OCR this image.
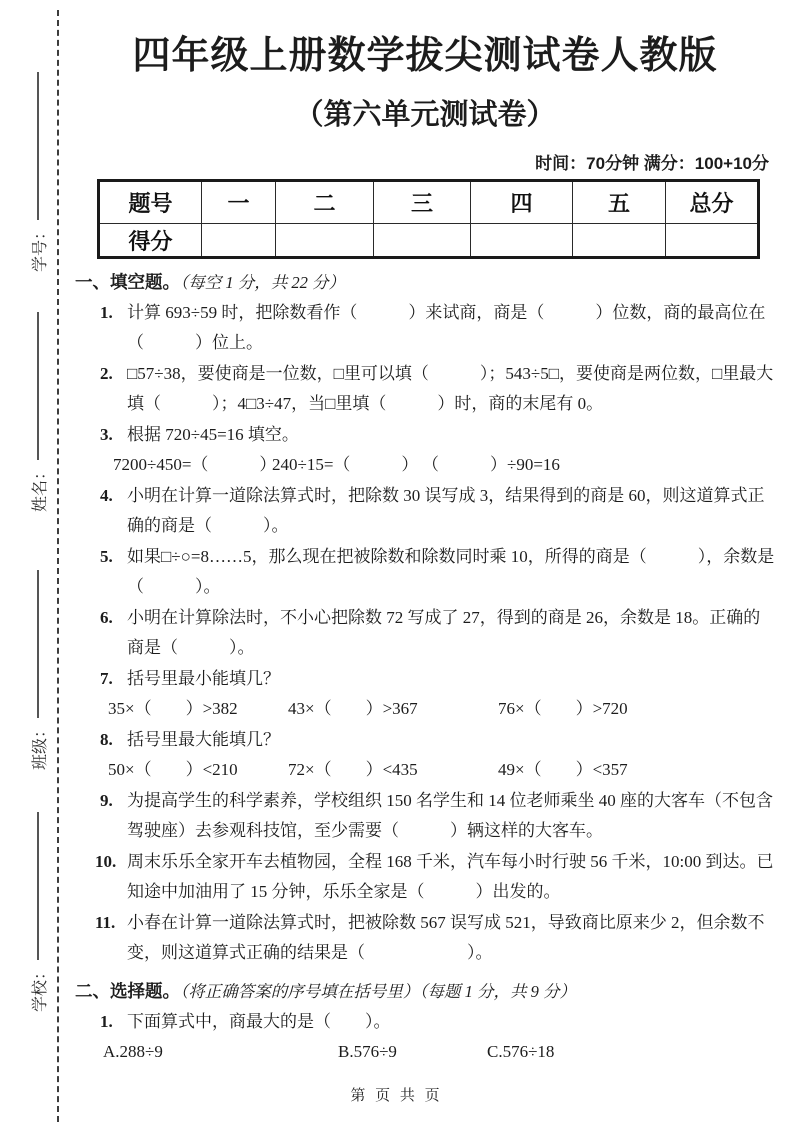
学号：
姓名：
班级：
学校：
四年级上册数学拔尖测试卷人教版
（第六单元测试卷）
时间：70分钟 满分：100+10分
题号	一	二	三	四	五	总分
得分						
一、填空题。（每空 1 分，共 22 分）
1. 计算 693÷59 时，把除数看作（　　　）来试商，商是（　　　）位数，商的最高位在（　　　）位上。
2. □57÷38，要使商是一位数，□里可以填（　　　）；543÷5□，要使商是两位数，□里最大填（　　　）；4□3÷47，当□里填（　　　）时，商的末尾有 0。
3. 根据 720÷45=16 填空。
7200÷450=（　　　）
240÷15=（　　　） （　　　）÷90=16
4. 小明在计算一道除法算式时，把除数 30 误写成 3，结果得到的商是 60，则这道算式正确的商是（　　　）。
5. 如果□÷○=8……5，那么现在把被除数和除数同时乘 10，所得的商是（　　　），余数是（　　　）。
6. 小明在计算除法时，不小心把除数 72 写成了 27，得到的商是 26，余数是 18。正确的商是（　　　）。
7. 括号里最小能填几？
35×（　　）>382	43×（　　）>367	76×（　　）>720
8. 括号里最大能填几？
50×（　　）<210	72×（　　）<435	49×（　　）<357
9. 为提高学生的科学素养，学校组织 150 名学生和 14 位老师乘坐 40 座的大客车（不包含驾驶座）去参观科技馆，至少需要（　　　）辆这样的大客车。
10. 周末乐乐全家开车去植物园，全程 168 千米，汽车每小时行驶 56 千米，10:00 到达。已知途中加油用了 15 分钟，乐乐全家是（　　　）出发的。
11. 小春在计算一道除法算式时，把被除数 567 误写成 521，导致商比原来少 2，但余数不变，则这道算式正确的结果是（　　　　　　）。
二、选择题。（将正确答案的序号填在括号里）（每题 1 分，共 9 分）
1. 下面算式中，商最大的是（　　）。
A.288÷9	B.576÷9	C.576÷18
第 页 共 页
